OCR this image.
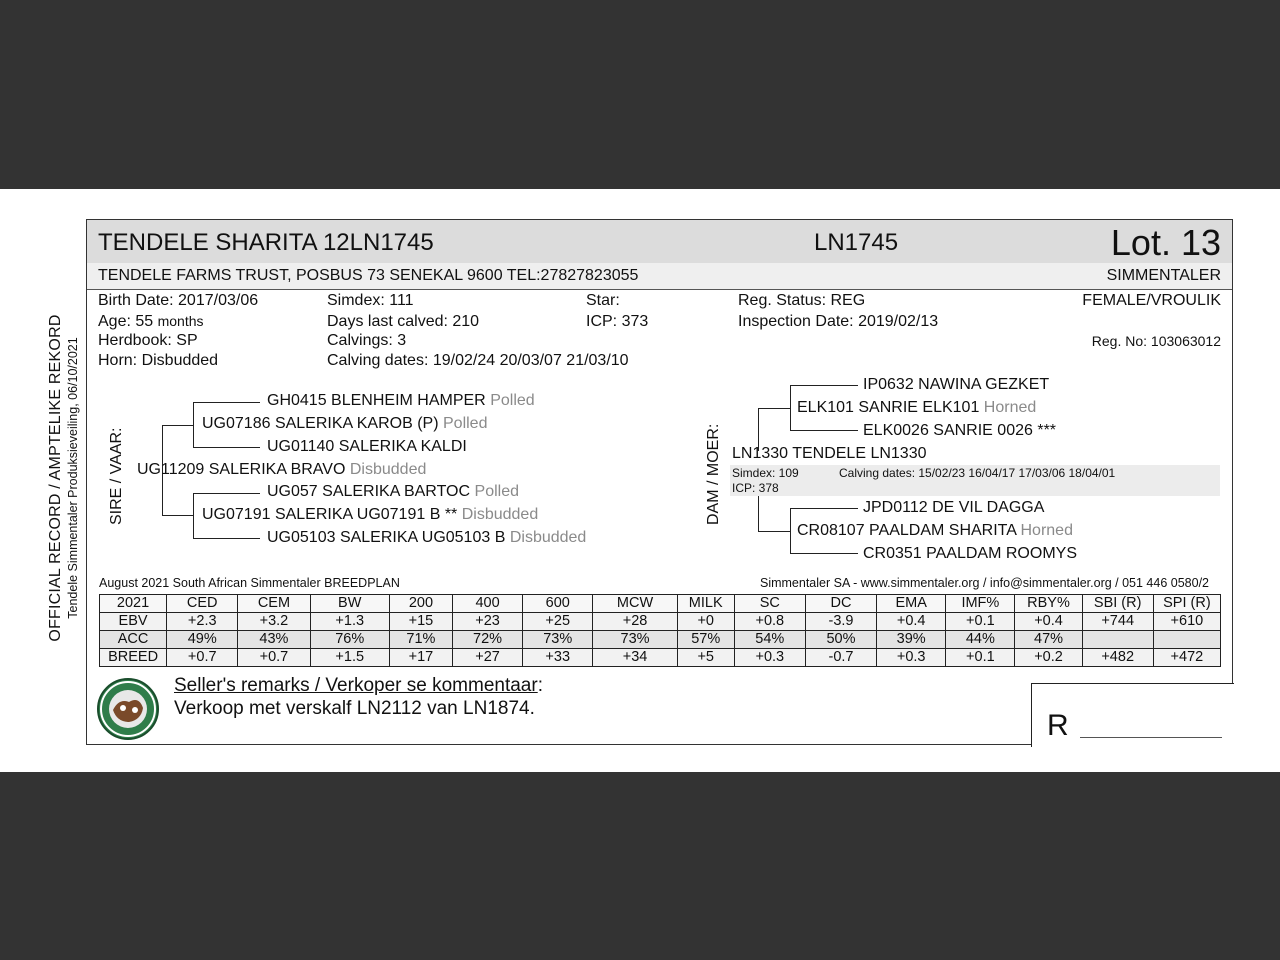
OFFICIAL RECORD / AMPTELIKE REKORD Tendele Simmentaler Produksieveiling, 06/10/2021
TENDELE SHARITA 12LN1745	LN1745	Lot. 13
TENDELE FARMS TRUST, POSBUS 73 SENEKAL 9600 TEL:27827823055	SIMMENTALER
Birth Date: 2017/03/06
Age: 55 months
Herdbook: SP
Horn: Disbudded
Simdex: 111
Days last calved: 210
Calvings: 3
Calving dates: 19/02/24 20/03/07 21/03/10
Star:
ICP: 373
Reg. Status: REG
Inspection Date: 2019/02/13
FEMALE/VROULIK
Reg. No: 103063012
SIRE / VAAR:
GH0415 BLENHEIM HAMPER Polled
UG07186 SALERIKA KAROB (P) Polled
UG01140 SALERIKA KALDI
UG11209 SALERIKA BRAVO Disbudded
UG057 SALERIKA BARTOC Polled
UG07191 SALERIKA UG07191 B ** Disbudded
UG05103 SALERIKA UG05103 B Disbudded
DAM / MOER:
IP0632 NAWINA GEZKET
ELK101 SANRIE ELK101 Horned
ELK0026 SANRIE 0026 ***
LN1330 TENDELE LN1330
Simdex: 109	Calving dates: 15/02/23 16/04/17 17/03/06 18/04/01
ICP: 378
JPD0112 DE VIL DAGGA
CR08107 PAALDAM SHARITA Horned
CR0351 PAALDAM ROOMYS
August 2021 South African Simmentaler BREEDPLAN	Simmentaler SA - www.simmentaler.org / info@simmentaler.org / 051 446 0580/2
2021	CED	CEM	BW	200	400	600	MCW	MILK	SC	DC	EMA	IMF%	RBY%	SBI (R)	SPI (R)
EBV	+2.3	+3.2	+1.3	+15	+23	+25	+28	+0	+0.8	-3.9	+0.4	+0.1	+0.4	+744	+610
ACC	49%	43%	76%	71%	72%	73%	73%	57%	54%	50%	39%	44%	47%		
BREED	+0.7	+0.7	+1.5	+17	+27	+33	+34	+5	+0.3	-0.7	+0.3	+0.1	+0.2	+482	+472
Seller's remarks / Verkoper se kommentaar:
Verkoop met verskalf LN2112 van LN1874.
R
